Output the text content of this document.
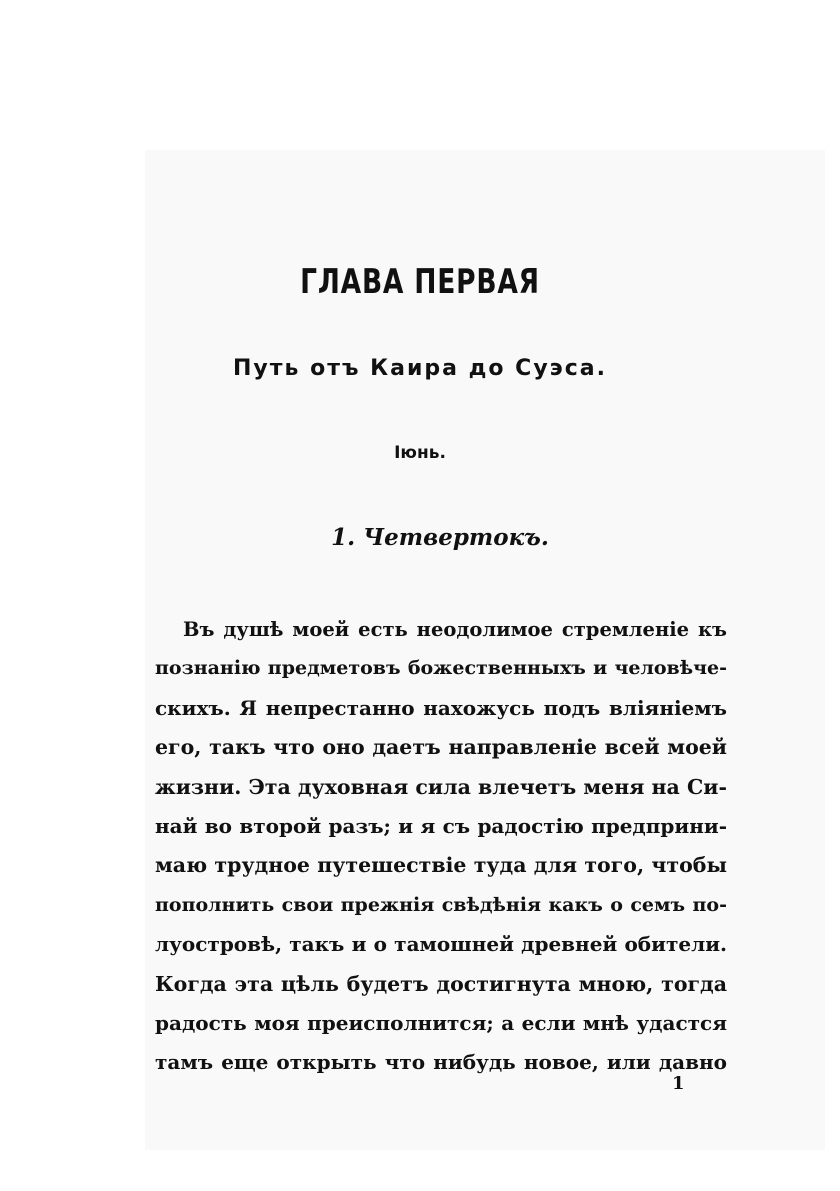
ГЛАВА ПЕРВАЯ
Путь отъ Каира до Суэса.
Iюнь.
1. Четвертокъ.
Въ душѣ моей есть неодолимое стремленіе къ
познанію предметовъ божественныхъ и человѣче-
скихъ. Я непрестанно нахожусь подъ вліяніемъ
его, такъ что оно даетъ направленіе всей моей
жизни. Эта духовная сила влечетъ меня на Си-
най во второй разъ; и я съ радостію предприни-
маю трудное путешествіе туда для того, чтобы
пополнить свои прежнія свѣдѣнія какъ о семъ по-
луостровѣ, такъ и о тамошней древней обители.
Когда эта цѣль будетъ достигнута мною, тогда
радость моя преисполнится; а если мнѣ удастся
тамъ еще открыть что нибудь новое, или давно
1
